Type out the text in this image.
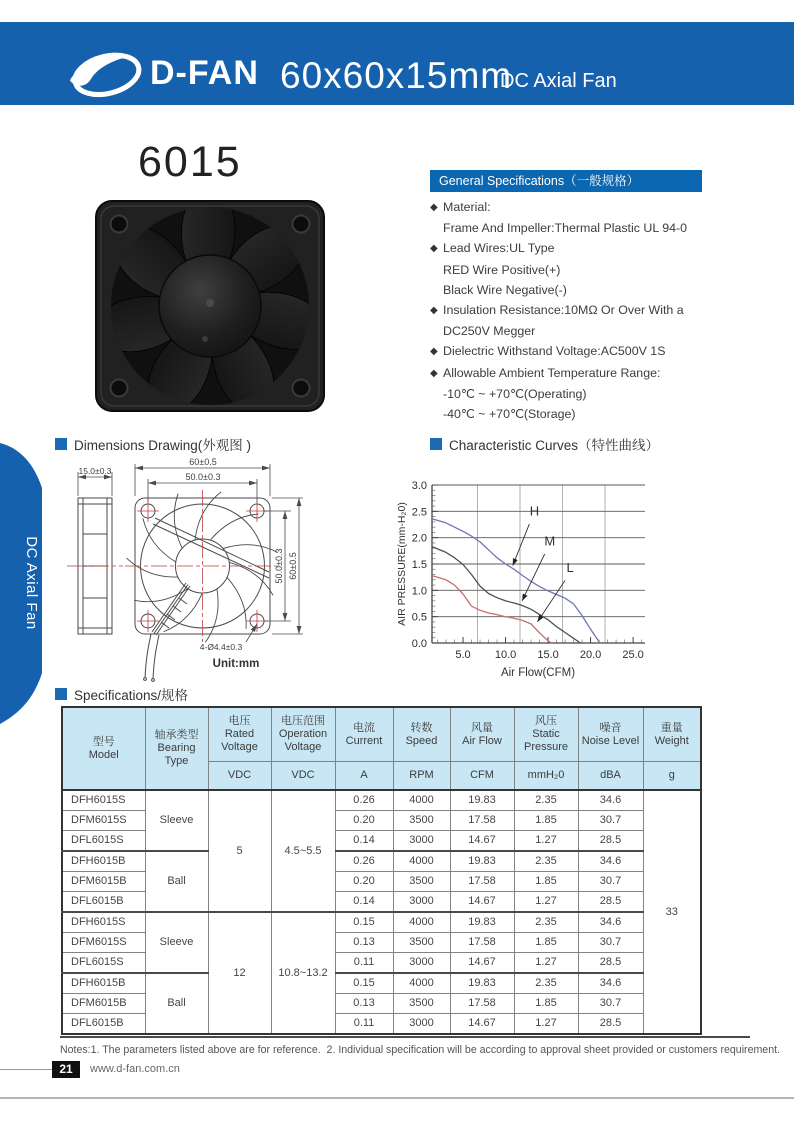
D-FAN 60x60x15mm
DC Axial Fan
DC Axial Fan
6015	General Specifications（一般规格）
◆ Material:
Frame And Impeller:Thermal Plastic UL 94-0
◆ Lead Wires:UL Type
RED Wire Positive(+)
Black Wire Negative(-)
◆ Insulation Resistance:10MΩ Or Over With a
DC250V Megger
◆ Dielectric Withstand Voltage:AC500V 1S
◆ Allowable Ambient Temperature Range:
-10℃ ~ +70℃(Operating)
-40℃ ~ +70℃(Storage)
Dimensions Drawing(外观图 )	Characteristic Curves（特性曲线）
15.0±0.3
60±0.5
50.0±0.3
50.0±0.3 60±0.5
4-Ø4.4±0.3
Unit:mm
5.0 10.0 15.0 20.0 25.0
0.0
0.5
1.0
1.5
2.0
2.5
3.0
H
M
L
AIR PRESSURE(mm-H₂0)
Air Flow(CFM)
Specifications/规格
型号
Model

轴承类型
Bearing
Type

电压
Rated
Voltage

电压范围
Operation
Voltage

电流
Current

转数
Speed

风量
Air Flow

风压
Static
Pressure

噪音
Noise Level

重量
Weight

		VDC	VDC	A	RPM	CFM	mmH₂0	dBA	g
DFH6015S	Sleeve	5	4.5~5.5	0.26	4000	19.83	2.35	34.6	33
DFM6015S				0.20	3500	17.58	1.85	30.7	
DFL6015S				0.14	3000	14.67	1.27	28.5	
DFH6015B	Ball			0.26	4000	19.83	2.35	34.6	
DFM6015B				0.20	3500	17.58	1.85	30.7	
DFL6015B				0.14	3000	14.67	1.27	28.5	
DFH6015S	Sleeve	12	10.8~13.2	0.15	4000	19.83	2.35	34.6	
DFM6015S				0.13	3500	17.58	1.85	30.7	
DFL6015S				0.11	3000	14.67	1.27	28.5	
DFH6015B	Ball			0.15	4000	19.83	2.35	34.6	
DFM6015B				0.13	3500	17.58	1.85	30.7	
DFL6015B				0.11	3000	14.67	1.27	28.5	
Notes:1. The parameters listed above are for reference.  2. Individual specification will be according to approval sheet provided or customers requirement.
21	www.d-fan.com.cn
